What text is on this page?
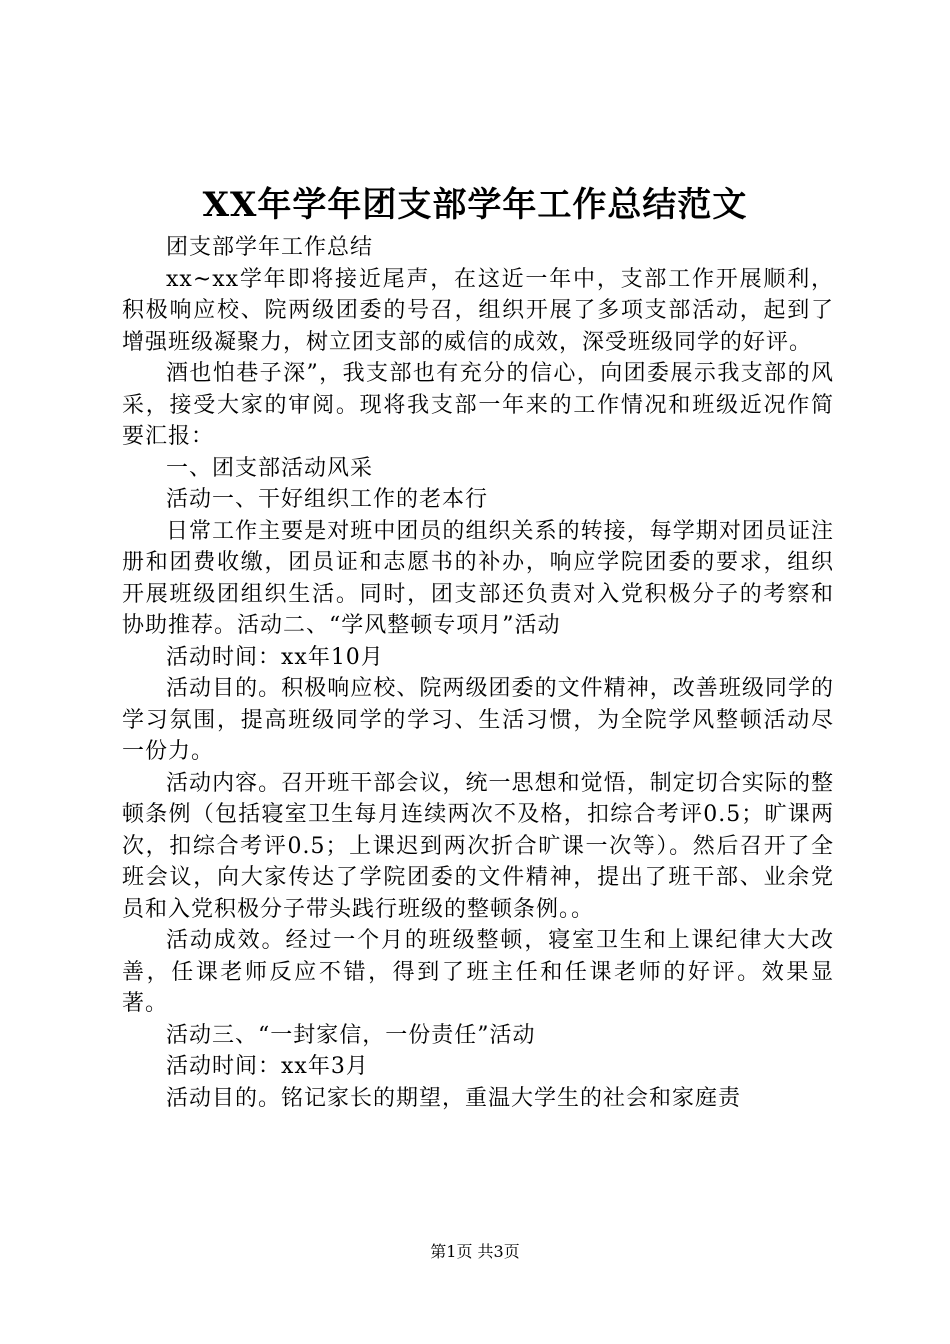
XX年学年团支部学年工作总结范文

团支部学年工作总结

xx~xx学年即将接近尾声，在这近一年中，支部工作开展顺利，积极响应校、院两级团委的号召，组织开展了多项支部活动，起到了增强班级凝聚力，树立团支部的威信的成效，深受班级同学的好评。

酒也怕巷子深”，我支部也有充分的信心，向团委展示我支部的风采，接受大家的审阅。现将我支部一年来的工作情况和班级近况作简要汇报：

一、团支部活动风采

活动一、干好组织工作的老本行

日常工作主要是对班中团员的组织关系的转接，每学期对团员证注册和团费收缴，团员证和志愿书的补办，响应学院团委的要求，组织开展班级团组织生活。同时，团支部还负责对入党积极分子的考察和协助推荐。活动二、“学风整顿专项月”活动

活动时间：xx年10月

活动目的。积极响应校、院两级团委的文件精神，改善班级同学的学习氛围，提高班级同学的学习、生活习惯，为全院学风整顿活动尽一份力。

活动内容。召开班干部会议，统一思想和觉悟，制定切合实际的整顿条例（包括寝室卫生每月连续两次不及格，扣综合考评0.5；旷课两次，扣综合考评0.5；上课迟到两次折合旷课一次等）。然后召开了全班会议，向大家传达了学院团委的文件精神，提出了班干部、业余党员和入党积极分子带头践行班级的整顿条例。。

活动成效。经过一个月的班级整顿，寝室卫生和上课纪律大大改善，任课老师反应不错，得到了班主任和任课老师的好评。效果显著。

活动三、“一封家信，一份责任”活动

活动时间：xx年3月

活动目的。铭记家长的期望，重温大学生的社会和家庭责

第1页 共3页
